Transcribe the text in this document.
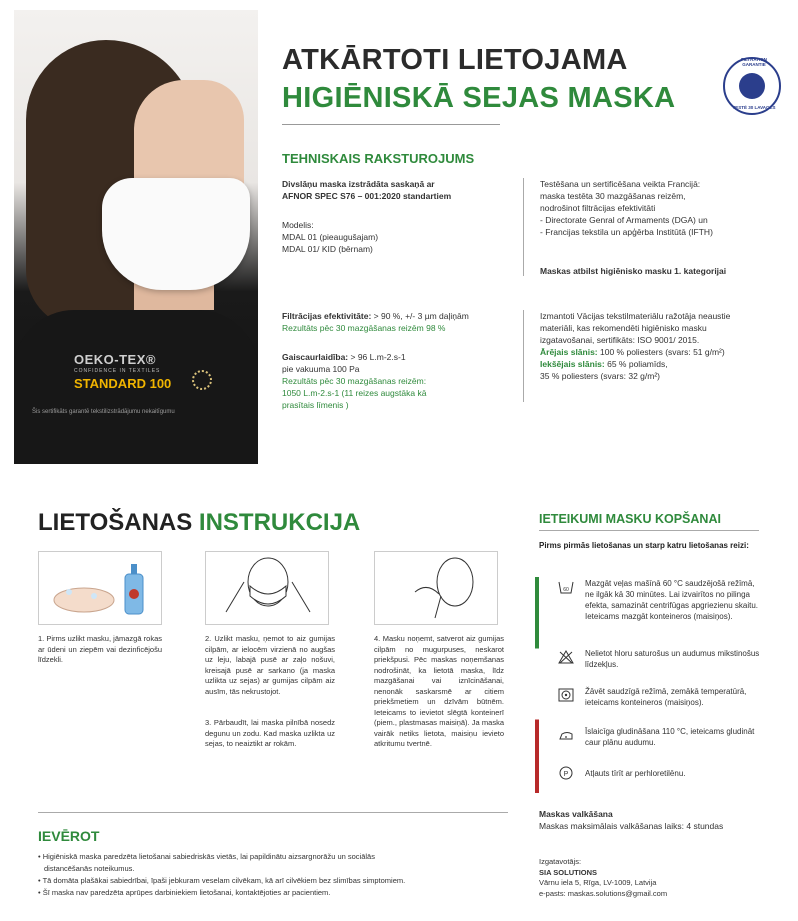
OEKO-TEX®
CONFIDENCE IN TEXTILES
STANDARD 100
Šis sertifikāts garantē tekstilizstrādājumu nekaitīgumu
ATKĀRTOTI LIETOJAMA
HIGIĒNISKĀ SEJAS MASKA
FILTRATION GARANTIE
TESTÉ 30 LAVAGES
TEHNISKAIS RAKSTUROJUMS
Divslāņu maska izstrādāta saskaņā ar
AFNOR SPEC S76 – 001:2020 standartiem
Modelis:
MDAL 01 (pieaugušajam)
MDAL 01/ KID (bērnam)
Filtrācijas efektivitāte: > 90 %, +/- 3 µm daļiņām
Rezultāts pēc 30 mazgāšanas reizēm 98 %
Gaiscaurlaidība: > 96 L.m-2.s-1
pie vakuuma 100 Pa
Rezultāts pēc 30 mazgāšanas reizēm:
1050 L.m-2.s-1 (11 reizes augstāka kā
prasītais līmenis )
Testēšana un sertificēšana veikta Francijā:
maska testēta 30 mazgāšanas reizēm,
nodrošinot filtrācijas efektivitāti
- Directorate Genral of Armaments (DGA) un
- Francijas tekstila un apģērba Institūtā (IFTH)
Maskas atbilst higiēnisko masku 1. kategorijai
Izmantoti Vācijas tekstilmateriālu ražotāja neaustie
materiāli, kas rekomendēti higiēnisko masku
izgatavošanai, sertifikāts: ISO 9001/ 2015.
Ārējais slānis: 100 % poliesters (svars: 51 g/m²)
Iekšējais slānis: 65 % poliamīds,
35 % poliesters (svars: 32 g/m²)
LIETOŠANAS INSTRUKCIJA
1. Pirms uzlikt masku, jāmazgā rokas ar ūdeni un ziepēm vai dezinficējošu līdzekli.
2. Uzlikt masku, ņemot to aiz gumijas cilpām, ar ielocēm virzienā no augšas uz leju, labajā pusē ar zaļo nošuvi, kreisajā pusē ar sarkano (ja maska uzlikta uz sejas) ar gumijas cilpām aiz ausīm, tās nekrustojot.
3. Pārbaudīt, lai maska pilnībā nosedz degunu un zodu. Kad maska uzlikta uz sejas, to neaiztikt ar rokām.
4. Masku noņemt, satverot aiz gumijas cilpām no mugurpuses, neskarot priekšpusi. Pēc maskas noņemšanas nodrošināt, ka lietotā maska, līdz mazgāšanai vai iznīcināšanai, nenonāk saskarsmē ar citiem priekšmetiem un dzīvām būtnēm. Ieteicams to ievietot slēgtā konteinerī (piem., plastmasas maisiņā). Ja maska vairāk netiks lietota, maisiņu ievieto atkritumu tvertnē.
IETEIKUMI MASKU KOPŠANAI
Pirms pirmās lietošanas un starp katru lietošanas reizi:
60
Mazgāt veļas mašīnā 60 °C saudzējošā režīmā, ne ilgāk kā 30 minūtes. Lai izvairītos no pilinga efekta, samazināt centrifūgas apgriezienu skaitu. Ieteicams mazgāt konteineros (maisiņos).
Nelietot hloru saturošus un audumus mikstinošus līdzekļus.
Žāvēt saudzīgā režīmā, zemākā temperatūrā, ieteicams konteineros (maisiņos).
Īslaicīga gludināšana 110 °C, ieteicams gludināt caur plānu audumu.
P Atļauts tīrīt ar perhloretilēnu.
Maskas valkāšana
Maskas maksimālais valkāšanas laiks: 4 stundas
IEVĒROT
• Higiēniskā maska paredzēta lietošanai sabiedriskās vietās, lai papildinātu aizsargnorāžu un sociālās
distancēšanās noteikumus.
• Tā domāta plašākai sabiedrībai, īpaši jebkuram veselam cilvēkam, kā arī cilvēkiem bez slimības simptomiem.
• Šī maska nav paredzēta aprūpes darbiniekiem lietošanai, kontaktējoties ar pacientiem.
Izgatavotājs:
SIA SOLUTIONS
Vārnu iela 5, Rīga, LV-1009, Latvija
e-pasts: maskas.solutions@gmail.com
